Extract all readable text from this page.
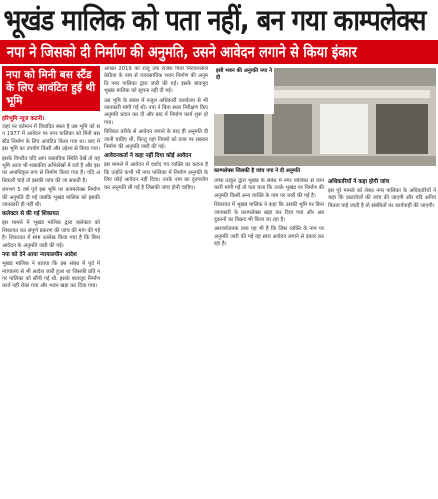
भूखंड मालिक को पता नहीं, बन गया काम्पलेक्स
नपा ने जिसको दी निर्माण की अनुमति, उसने आवेदन लगाने से किया इंकार
नपा को मिनी बस स्टैंड के लिए आवंटित हुई थी भूमि
हरिभूमि न्यूज कटनी।

जहां पर वर्तमान में विवादित स्थल है उस भूमि को सन 1977 में आवेदन पर नगर पालिका को मिनी बस स्टैंड निर्माण के लिए आवंटित किया गया था। बाद में इस भूमि का उपयोग किसी और उद्देश्य से किया गया।

इसके विपरीत यदि आप वास्तविक स्थिति देखें तो यह भूमि आज भी शासकीय अभिलेखों में दर्ज है और इस पर अनाधिकृत रूप से निर्माण किया गया है। यदि अधिकारी चाहें तो इसकी जांच की जा सकती है।

लगभग 5 वर्ष पूर्व इस भूमि पर काम्पलेक्स निर्माण की अनुमति दी गई जबकि भूखंड मालिक को इसकी जानकारी ही नहीं थी।

कलेक्टर से की गई शिकायत

इस मामले में भूखंड मालिक द्वारा कलेक्टर को शिकायत कर संपूर्ण प्रकरण की जांच की मांग की गई है। शिकायत में स्पष्ट उल्लेख किया गया है कि बिना आवेदन के अनुमति जारी की गई।

नपा को देने आया न्यायालयीन आदेश

भूखंड मालिक ने बताया कि इस संबंध में पूर्व में न्यायालय से भी आदेश जारी हुआ था जिसकी प्रति नगर पालिका को सौंपी गई थी, इसके बावजूद निर्माण कार्य नहीं रोका गया और भवन खड़ा कर दिया गया।

अगस्त 2019 को राजू उर्फ राजेश पिता निरंजनलाल केडिया के नाम से व्यावसायिक भवन निर्माण की अनुमति नगर पालिका द्वारा जारी की गई। इसके बावजूद भूखंड मालिक को सूचना नहीं दी गई।

उस भूमि के संबंध में नजूल अधिकारी कार्यालय से भी जानकारी मांगी गई थी। नपा ने बिना स्थल निरीक्षण किए अनुमति प्रदान कर दी और बाद में निर्माण कार्य शुरू हो गया।

विधिवत तरीके से आवेदन लगाने के बाद ही अनुमति दी जानी चाहिए थी, किन्तु यहां नियमों को ताक पर रखकर निर्माण की अनुमति जारी की गई।

आवेदनकर्ता ने कहा नहीं दिया कोई आवेदन

इस मामले में आवेदन में दर्शाए गए व्यक्ति का कहना है कि उन्होंने कभी भी नगर पालिका में निर्माण अनुमति के लिए कोई आवेदन नहीं दिया। उनके नाम का दुरुपयोग कर अनुमति ली गई है जिसकी जांच होनी चाहिए।

काम्पलेक्स जिसकी है जांच नपा ने दी अनुमति
इसी भवन की अनुमति नपा ने दी

उमेश ठाकुर द्वारा भूखंड के संबंध में नगर पालिका से जानकारी मांगी गई तो पता चला कि उनके भूखंड पर निर्माण की अनुमति किसी अन्य व्यक्ति के नाम पर जारी की गई है।

शिकायत में भूखंड मालिक ने कहा कि उसकी भूमि पर बिना जानकारी के काम्पलेक्स खड़ा कर दिया गया और अब दुकानों का विक्रय भी किया जा रहा है।

आश्चर्यजनक तथ्य यह भी है कि जिस व्यक्ति के नाम पर अनुमति जारी की गई वह स्वयं आवेदन लगाने से इंकार कर रहा है।

अधिकारियों ने कहा होगी जांच

इस पूरे मामले को लेकर नगर पालिका के अधिकारियों ने कहा कि दस्तावेजों की जांच की जाएगी और यदि अनियमितता पाई जाती है तो संबंधितों पर कार्यवाही की जाएगी।
